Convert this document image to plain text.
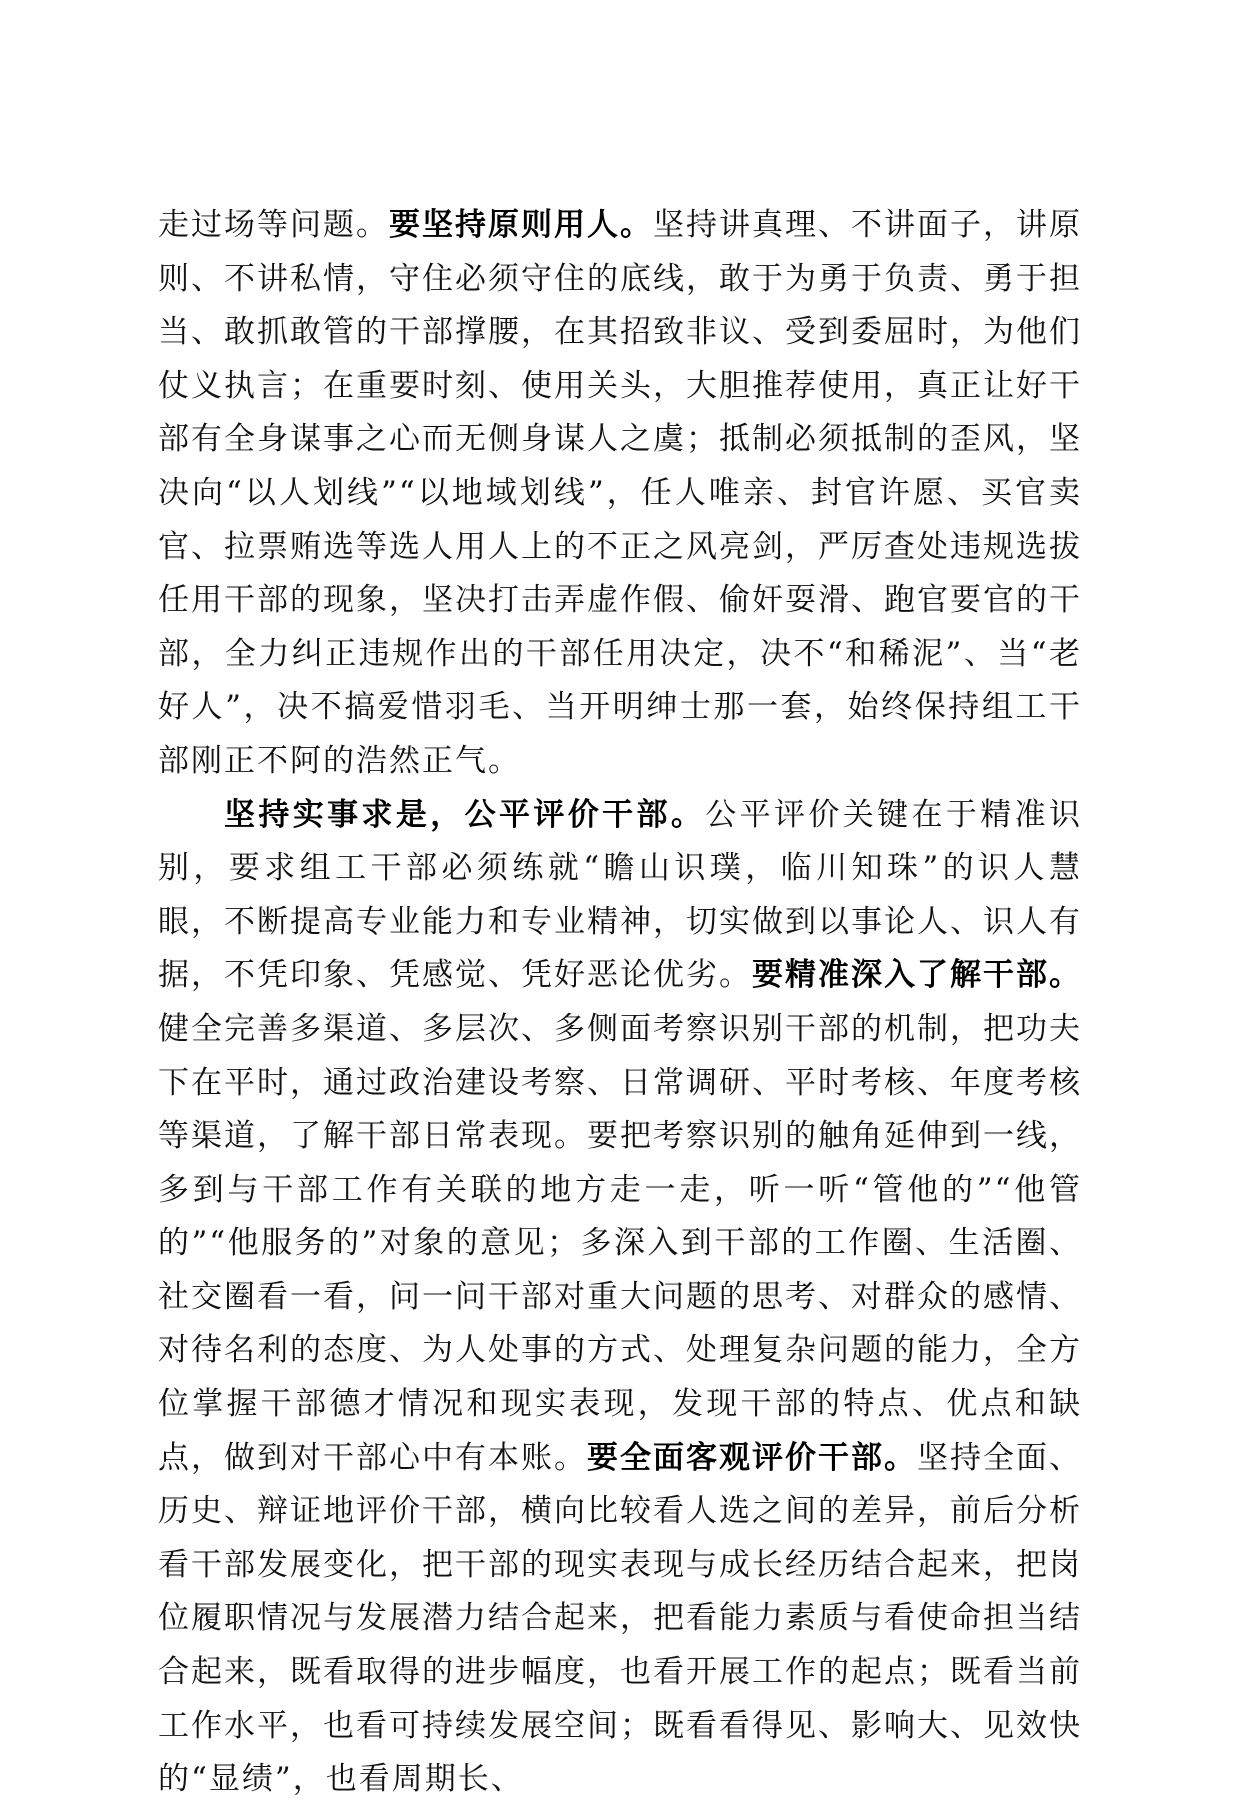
走过场等问题。要坚持原则用人。坚持讲真理、不讲面子，讲原则、不讲私情，守住必须守住的底线，敢于为勇于负责、勇于担当、敢抓敢管的干部撑腰，在其招致非议、受到委屈时，为他们仗义执言；在重要时刻、使用关头，大胆推荐使用，真正让好干部有全身谋事之心而无侧身谋人之虞；抵制必须抵制的歪风，坚决向“以人划线”“以地域划线”，任人唯亲、封官许愿、买官卖官、拉票贿选等选人用人上的不正之风亮剑，严厉查处违规选拔任用干部的现象，坚决打击弄虚作假、偷奸耍滑、跑官要官的干部，全力纠正违规作出的干部任用决定，决不“和稀泥”、当“老好人”，决不搞爱惜羽毛、当开明绅士那一套，始终保持组工干部刚正不阿的浩然正气。

坚持实事求是，公平评价干部。公平评价关键在于精准识别，要求组工干部必须练就“瞻山识璞，临川知珠”的识人慧眼，不断提高专业能力和专业精神，切实做到以事论人、识人有据，不凭印象、凭感觉、凭好恶论优劣。要精准深入了解干部。健全完善多渠道、多层次、多侧面考察识别干部的机制，把功夫下在平时，通过政治建设考察、日常调研、平时考核、年度考核等渠道，了解干部日常表现。要把考察识别的触角延伸到一线，多到与干部工作有关联的地方走一走，听一听“管他的”“他管的”“他服务的”对象的意见；多深入到干部的工作圈、生活圈、社交圈看一看，问一问干部对重大问题的思考、对群众的感情、对待名利的态度、为人处事的方式、处理复杂问题的能力，全方位掌握干部德才情况和现实表现，发现干部的特点、优点和缺点，做到对干部心中有本账。要全面客观评价干部。坚持全面、历史、辩证地评价干部，横向比较看人选之间的差异，前后分析看干部发展变化，把干部的现实表现与成长经历结合起来，把岗位履职情况与发展潜力结合起来，把看能力素质与看使命担当结合起来，既看取得的进步幅度，也看开展工作的起点；既看当前工作水平，也看可持续发展空间；既看看得见、影响大、见效快的“显绩”，也看周期长、
